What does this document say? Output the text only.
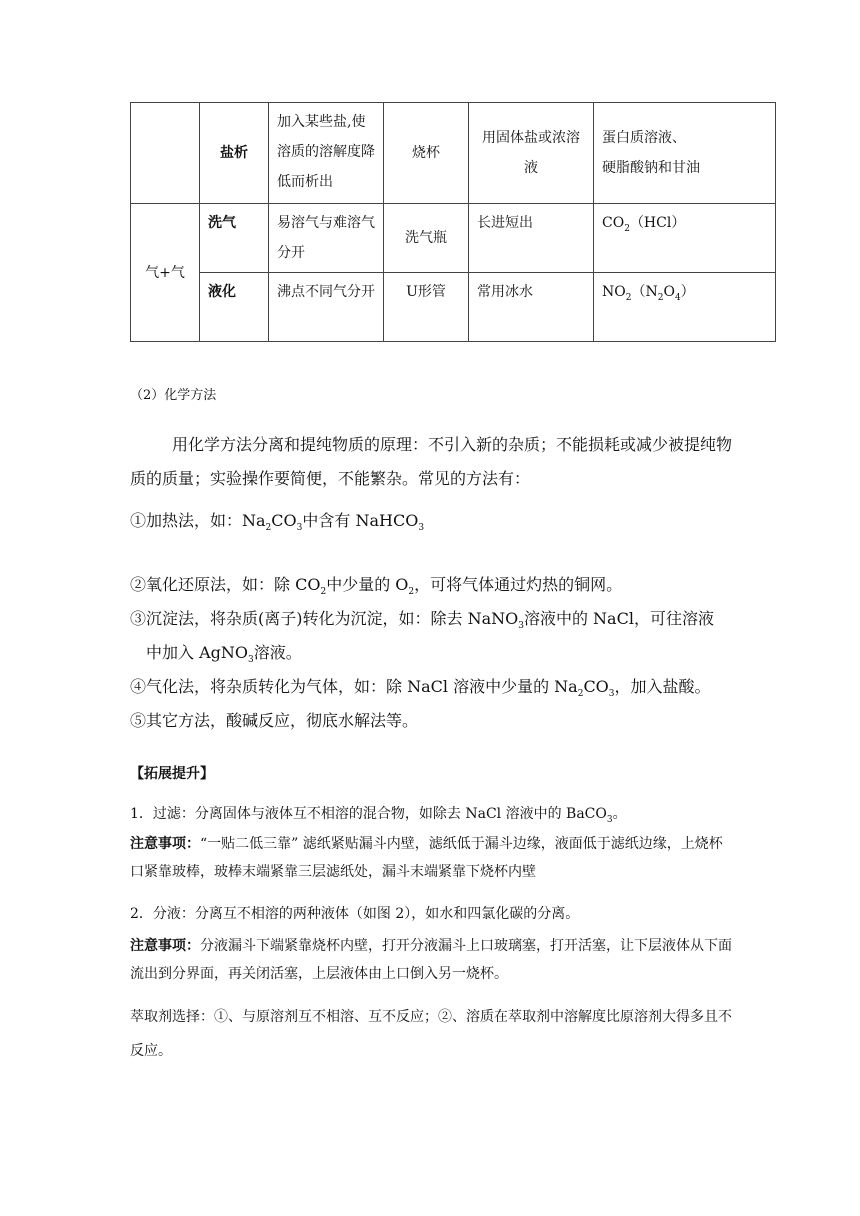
	盐析	加入某些盐,使溶质的溶解度降低而析出	烧杯	用固体盐或浓溶液	蛋白质溶液、
硬脂酸钠和甘油
气+气	洗气	易溶气与难溶气分开	洗气瓶	长进短出	$CO_2(HCl)$
	液化	沸点不同气分开	U形管	常用冰水	$NO_2(N_2O_4)$

（2）化学方法

用化学方法分离和提纯物质的原理：不引入新的杂质；不能损耗或减少被提纯物质的质量；实验操作要简便，不能繁杂。常见的方法有：

①加热法，如：$Na_2CO_3$中含有 NaHCO$_3$

②氧化还原法，如：除 $CO_2$中少量的 $O_2$，可将气体通过灼热的铜网。

③沉淀法，将杂质(离子)转化为沉淀，如：除去 NaNO$_3$溶液中的 NaCl，可往溶液

中加入 AgNO$_3$溶液。

④气化法，将杂质转化为气体，如：除 NaCl 溶液中少量的 $Na_2CO_3$，加入盐酸。

⑤其它方法，酸碱反应，彻底水解法等。

【拓展提升】

1．过滤：分离固体与液体互不相溶的混合物，如除去 NaCl 溶液中的 BaCO$_3$。

注意事项：“一贴二低三靠” 滤纸紧贴漏斗内壁，滤纸低于漏斗边缘，液面低于滤纸边缘，上烧杯口紧靠玻棒，玻棒末端紧靠三层滤纸处，漏斗末端紧靠下烧杯内壁

2．分液：分离互不相溶的两种液体（如图 2），如水和四氯化碳的分离。

注意事项：分液漏斗下端紧靠烧杯内壁，打开分液漏斗上口玻璃塞，打开活塞，让下层液体从下面流出到分界面，再关闭活塞，上层液体由上口倒入另一烧杯。

萃取剂选择：①、与原溶剂互不相溶、互不反应；②、溶质在萃取剂中溶解度比原溶剂大得多且不反应。
